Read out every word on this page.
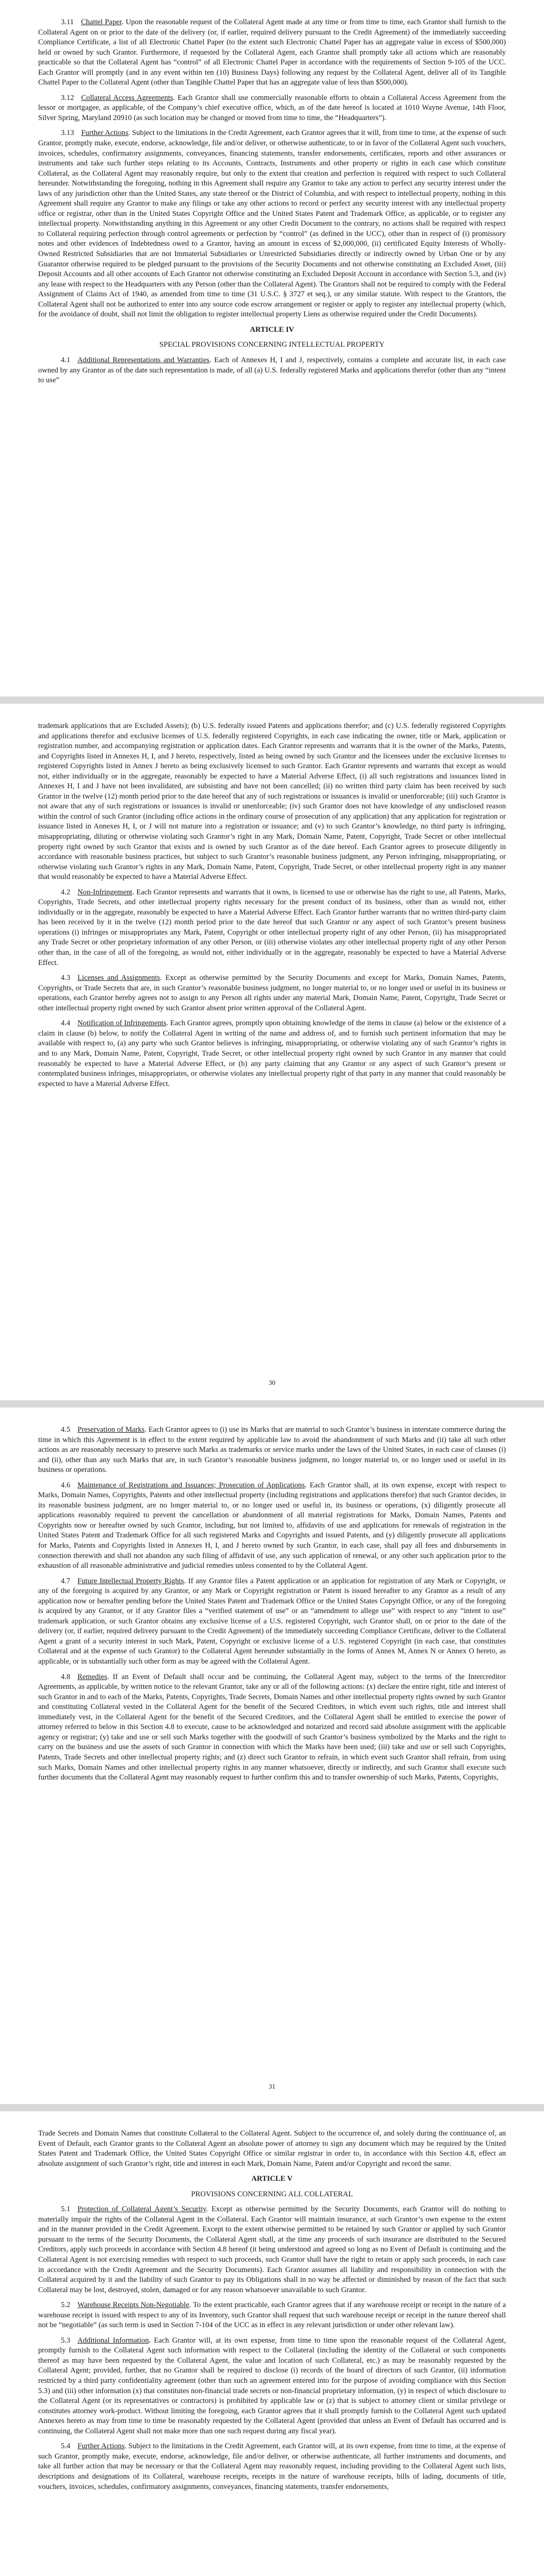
3.11 Chattel Paper. Upon the reasonable request of the Collateral Agent made at any time or from time to time, each Grantor shall furnish to the Collateral Agent on or prior to the date of the delivery (or, if earlier, required delivery pursuant to the Credit Agreement) of the immediately succeeding Compliance Certificate, a list of all Electronic Chattel Paper (to the extent such Electronic Chattel Paper has an aggregate value in excess of $500,000) held or owned by such Grantor. Furthermore, if requested by the Collateral Agent, each Grantor shall promptly take all actions which are reasonably practicable so that the Collateral Agent has “control” of all Electronic Chattel Paper in accordance with the requirements of Section 9-105 of the UCC. Each Grantor will promptly (and in any event within ten (10) Business Days) following any request by the Collateral Agent, deliver all of its Tangible Chattel Paper to the Collateral Agent (other than Tangible Chattel Paper that has an aggregate value of less than $500,000).

3.12 Collateral Access Agreements. Each Grantor shall use commercially reasonable efforts to obtain a Collateral Access Agreement from the lessor or mortgagee, as applicable, of the Company’s chief executive office, which, as of the date hereof is located at 1010 Wayne Avenue, 14th Floor, Silver Spring, Maryland 20910 (as such location may be changed or moved from time to time, the “Headquarters”).

3.13 Further Actions. Subject to the limitations in the Credit Agreement, each Grantor agrees that it will, from time to time, at the expense of such Grantor, promptly make, execute, endorse, acknowledge, file and/or deliver, or otherwise authenticate, to or in favor of the Collateral Agent such vouchers, invoices, schedules, confirmatory assignments, conveyances, financing statements, transfer endorsements, certificates, reports and other assurances or instruments and take such further steps relating to its Accounts, Contracts, Instruments and other property or rights in each case which constitute Collateral, as the Collateral Agent may reasonably require, but only to the extent that creation and perfection is required with respect to such Collateral hereunder. Notwithstanding the foregoing, nothing in this Agreement shall require any Grantor to take any action to perfect any security interest under the laws of any jurisdiction other than the United States, any state thereof or the District of Columbia, and with respect to intellectual property, nothing in this Agreement shall require any Grantor to make any filings or take any other actions to record or perfect any security interest with any intellectual property office or registrar, other than in the United States Copyright Office and the United States Patent and Trademark Office, as applicable, or to register any intellectual property. Notwithstanding anything in this Agreement or any other Credit Document to the contrary, no actions shall be required with respect to Collateral requiring perfection through control agreements or perfection by “control” (as defined in the UCC), other than in respect of (i) promissory notes and other evidences of Indebtedness owed to a Grantor, having an amount in excess of $2,000,000, (ii) certificated Equity Interests of Wholly-Owned Restricted Subsidiaries that are not Immaterial Subsidiaries or Unrestricted Subsidiaries directly or indirectly owned by Urban One or by any Guarantor otherwise required to be pledged pursuant to the provisions of the Security Documents and not otherwise constituting an Excluded Asset, (iii) Deposit Accounts and all other accounts of Each Grantor not otherwise constituting an Excluded Deposit Account in accordance with Section 5.3, and (iv) any lease with respect to the Headquarters with any Person (other than the Collateral Agent). The Grantors shall not be required to comply with the Federal Assignment of Claims Act of 1940, as amended from time to time (31 U.S.C. § 3727 et seq.), or any similar statute. With respect to the Grantors, the Collateral Agent shall not be authorized to enter into any source code escrow arrangement or register or apply to register any intellectual property (which, for the avoidance of doubt, shall not limit the obligation to register intellectual property Liens as otherwise required under the Credit Documents).

ARTICLE IV
SPECIAL PROVISIONS CONCERNING INTELLECTUAL PROPERTY

4.1 Additional Representations and Warranties. Each of Annexes H, I and J, respectively, contains a complete and accurate list, in each case owned by any Grantor as of the date such representation is made, of all (a) U.S. federally registered Marks and applications therefor (other than any “intent to use”

trademark applications that are Excluded Assets); (b) U.S. federally issued Patents and applications therefor; and (c) U.S. federally registered Copyrights and applications therefor and exclusive licenses of U.S. federally registered Copyrights, in each case indicating the owner, title or Mark, application or registration number, and accompanying registration or application dates. Each Grantor represents and warrants that it is the owner of the Marks, Patents, and Copyrights listed in Annexes H, I, and J hereto, respectively, listed as being owned by such Grantor and the licensees under the exclusive licenses to registered Copyrights listed in Annex J hereto as being exclusively licensed to such Grantor. Each Grantor represents and warrants that except as would not, either individually or in the aggregate, reasonably be expected to have a Material Adverse Effect, (i) all such registrations and issuances listed in Annexes H, I and J have not been invalidated, are subsisting and have not been cancelled; (ii) no written third party claim has been received by such Grantor in the twelve (12) month period prior to the date hereof that any of such registrations or issuances is invalid or unenforceable; (iii) such Grantor is not aware that any of such registrations or issuances is invalid or unenforceable; (iv) such Grantor does not have knowledge of any undisclosed reason within the control of such Grantor (including office actions in the ordinary course of prosecution of any application) that any application for registration or issuance listed in Annexes H, I, or J will not mature into a registration or issuance; and (v) to such Grantor’s knowledge, no third party is infringing, misappropriating, diluting or otherwise violating such Grantor’s right in any Mark, Domain Name, Patent, Copyright, Trade Secret or other intellectual property right owned by such Grantor that exists and is owned by such Grantor as of the date hereof. Each Grantor agrees to prosecute diligently in accordance with reasonable business practices, but subject to such Grantor’s reasonable business judgment, any Person infringing, misappropriating, or otherwise violating such Grantor’s rights in any Mark, Domain Name, Patent, Copyright, Trade Secret, or other intellectual property right in any manner that would reasonably be expected to have a Material Adverse Effect.

4.2 Non-Infringement. Each Grantor represents and warrants that it owns, is licensed to use or otherwise has the right to use, all Patents, Marks, Copyrights, Trade Secrets, and other intellectual property rights necessary for the present conduct of its business, other than as would not, either individually or in the aggregate, reasonably be expected to have a Material Adverse Effect. Each Grantor further warrants that no written third-party claim has been received by it in the twelve (12) month period prior to the date hereof that such Grantor or any aspect of such Grantor’s present business operations (i) infringes or misappropriates any Mark, Patent, Copyright or other intellectual property right of any other Person, (ii) has misappropriated any Trade Secret or other proprietary information of any other Person, or (iii) otherwise violates any other intellectual property right of any other Person other than, in the case of all of the foregoing, as would not, either individually or in the aggregate, reasonably be expected to have a Material Adverse Effect.

4.3 Licenses and Assignments. Except as otherwise permitted by the Security Documents and except for Marks, Domain Names, Patents, Copyrights, or Trade Secrets that are, in such Grantor’s reasonable business judgment, no longer material to, or no longer used or useful in its business or operations, each Grantor hereby agrees not to assign to any Person all rights under any material Mark, Domain Name, Patent, Copyright, Trade Secret or other intellectual property right owned by such Grantor absent prior written approval of the Collateral Agent.

4.4 Notification of Infringements. Each Grantor agrees, promptly upon obtaining knowledge of the items in clause (a) below or the existence of a claim in clause (b) below, to notify the Collateral Agent in writing of the name and address of, and to furnish such pertinent information that may be available with respect to, (a) any party who such Grantor believes is infringing, misappropriating, or otherwise violating any of such Grantor’s rights in and to any Mark, Domain Name, Patent, Copyright, Trade Secret, or other intellectual property right owned by such Grantor in any manner that could reasonably be expected to have a Material Adverse Effect, or (b) any party claiming that any Grantor or any aspect of such Grantor’s present or contemplated business infringes, misappropriates, or otherwise violates any intellectual property right of that party in any manner that could reasonably be expected to have a Material Adverse Effect.

30

4.5 Preservation of Marks. Each Grantor agrees to (i) use its Marks that are material to such Grantor’s business in interstate commerce during the time in which this Agreement is in effect to the extent required by applicable law to avoid the abandonment of such Marks and (ii) take all such other actions as are reasonably necessary to preserve such Marks as trademarks or service marks under the laws of the United States, in each case of clauses (i) and (ii), other than any such Marks that are, in such Grantor’s reasonable business judgment, no longer material to, or no longer used or useful in its business or operations.

4.6 Maintenance of Registrations and Issuances; Prosecution of Applications. Each Grantor shall, at its own expense, except with respect to Marks, Domain Names, Copyrights, Patents and other intellectual property (including registrations and applications therefor) that such Grantor decides, in its reasonable business judgment, are no longer material to, or no longer used or useful in, its business or operations, (x) diligently prosecute all applications reasonably required to prevent the cancellation or abandonment of all material registrations for Marks, Domain Names, Patents and Copyrights now or hereafter owned by such Grantor, including, but not limited to, affidavits of use and applications for renewals of registration in the United States Patent and Trademark Office for all such registered Marks and Copyrights and issued Patents, and (y) diligently prosecute all applications for Marks, Patents and Copyrights listed in Annexes H, I, and J hereto owned by such Grantor, in each case, shall pay all fees and disbursements in connection therewith and shall not abandon any such filing of affidavit of use, any such application of renewal, or any other such application prior to the exhaustion of all reasonable administrative and judicial remedies unless consented to by the Collateral Agent.

4.7 Future Intellectual Property Rights. If any Grantor files a Patent application or an application for registration of any Mark or Copyright, or any of the foregoing is acquired by any Grantor, or any Mark or Copyright registration or Patent is issued hereafter to any Grantor as a result of any application now or hereafter pending before the United States Patent and Trademark Office or the United States Copyright Office, or any of the foregoing is acquired by any Grantor, or if any Grantor files a “verified statement of use” or an “amendment to allege use” with respect to any “intent to use” trademark application, or such Grantor obtains any exclusive license of a U.S. registered Copyright, such Grantor shall, on or prior to the date of the delivery (or, if earlier, required delivery pursuant to the Credit Agreement) of the immediately succeeding Compliance Certificate, deliver to the Collateral Agent a grant of a security interest in such Mark, Patent, Copyright or exclusive license of a U.S. registered Copyright (in each case, that constitutes Collateral and at the expense of such Grantor) to the Collateral Agent hereunder substantially in the forms of Annex M, Annex N or Annex O hereto, as applicable, or in substantially such other form as may be agreed with the Collateral Agent.

4.8 Remedies. If an Event of Default shall occur and be continuing, the Collateral Agent may, subject to the terms of the Intercreditor Agreements, as applicable, by written notice to the relevant Grantor, take any or all of the following actions: (x) declare the entire right, title and interest of such Grantor in and to each of the Marks, Patents, Copyrights, Trade Secrets, Domain Names and other intellectual property rights owned by such Grantor and constituting Collateral vested in the Collateral Agent for the benefit of the Secured Creditors, in which event such rights, title and interest shall immediately vest, in the Collateral Agent for the benefit of the Secured Creditors, and the Collateral Agent shall be entitled to exercise the power of attorney referred to below in this Section 4.8 to execute, cause to be acknowledged and notarized and record said absolute assignment with the applicable agency or registrar; (y) take and use or sell such Marks together with the goodwill of such Grantor’s business symbolized by the Marks and the right to carry on the business and use the assets of such Grantor in connection with which the Marks have been used; (iii) take and use or sell such Copyrights, Patents, Trade Secrets and other intellectual property rights; and (z) direct such Grantor to refrain, in which event such Grantor shall refrain, from using such Marks, Domain Names and other intellectual property rights in any manner whatsoever, directly or indirectly, and such Grantor shall execute such further documents that the Collateral Agent may reasonably request to further confirm this and to transfer ownership of such Marks, Patents, Copyrights,

31

Trade Secrets and Domain Names that constitute Collateral to the Collateral Agent. Subject to the occurrence of, and solely during the continuance of, an Event of Default, each Grantor grants to the Collateral Agent an absolute power of attorney to sign any document which may be required by the United States Patent and Trademark Office, the United States Copyright Office or similar registrar in order to, in accordance with this Section 4.8, effect an absolute assignment of such Grantor’s right, title and interest in each Mark, Domain Name, Patent and/or Copyright and record the same.

ARTICLE V
PROVISIONS CONCERNING ALL COLLATERAL

5.1 Protection of Collateral Agent’s Security. Except as otherwise permitted by the Security Documents, each Grantor will do nothing to materially impair the rights of the Collateral Agent in the Collateral. Each Grantor will maintain insurance, at such Grantor’s own expense to the extent and in the manner provided in the Credit Agreement. Except to the extent otherwise permitted to be retained by such Grantor or applied by such Grantor pursuant to the terms of the Security Documents, the Collateral Agent shall, at the time any proceeds of such insurance are distributed to the Secured Creditors, apply such proceeds in accordance with Section 4.8 hereof (it being understood and agreed so long as no Event of Default is continuing and the Collateral Agent is not exercising remedies with respect to such proceeds, such Grantor shall have the right to retain or apply such proceeds, in each case in accordance with the Credit Agreement and the Security Documents). Each Grantor assumes all liability and responsibility in connection with the Collateral acquired by it and the liability of such Grantor to pay its Obligations shall in no way be affected or diminished by reason of the fact that such Collateral may be lost, destroyed, stolen, damaged or for any reason whatsoever unavailable to such Grantor.

5.2 Warehouse Receipts Non-Negotiable. To the extent practicable, each Grantor agrees that if any warehouse receipt or receipt in the nature of a warehouse receipt is issued with respect to any of its Inventory, such Grantor shall request that such warehouse receipt or receipt in the nature thereof shall not be “negotiable” (as such term is used in Section 7-104 of the UCC as in effect in any relevant jurisdiction or under other relevant law).

5.3 Additional Information. Each Grantor will, at its own expense, from time to time upon the reasonable request of the Collateral Agent, promptly furnish to the Collateral Agent such information with respect to the Collateral (including the identity of the Collateral or such components thereof as may have been requested by the Collateral Agent, the value and location of such Collateral, etc.) as may be reasonably requested by the Collateral Agent; provided, further, that no Grantor shall be required to disclose (i) records of the board of directors of such Grantor, (ii) information restricted by a third party confidentiality agreement (other than such an agreement entered into for the purpose of avoiding compliance with this Section 5.3) and (iii) other information (x) that constitutes non-financial trade secrets or non-financial proprietary information, (y) in respect of which disclosure to the Collateral Agent (or its representatives or contractors) is prohibited by applicable law or (z) that is subject to attorney client or similar privilege or constitutes attorney work-product. Without limiting the foregoing, each Grantor agrees that it shall promptly furnish to the Collateral Agent such updated Annexes hereto as may from time to time be reasonably requested by the Collateral Agent (provided that unless an Event of Default has occurred and is continuing, the Collateral Agent shall not make more than one such request during any fiscal year).

5.4 Further Actions. Subject to the limitations in the Credit Agreement, each Grantor will, at its own expense, from time to time, at the expense of such Grantor, promptly make, execute, endorse, acknowledge, file and/or deliver, or otherwise authenticate, all further instruments and documents, and take all further action that may be necessary or that the Collateral Agent may reasonably request, including providing to the Collateral Agent such lists, descriptions and designations of its Collateral, warehouse receipts, receipts in the nature of warehouse receipts, bills of lading, documents of title, vouchers, invoices, schedules, confirmatory assignments, conveyances, financing statements, transfer endorsements,
